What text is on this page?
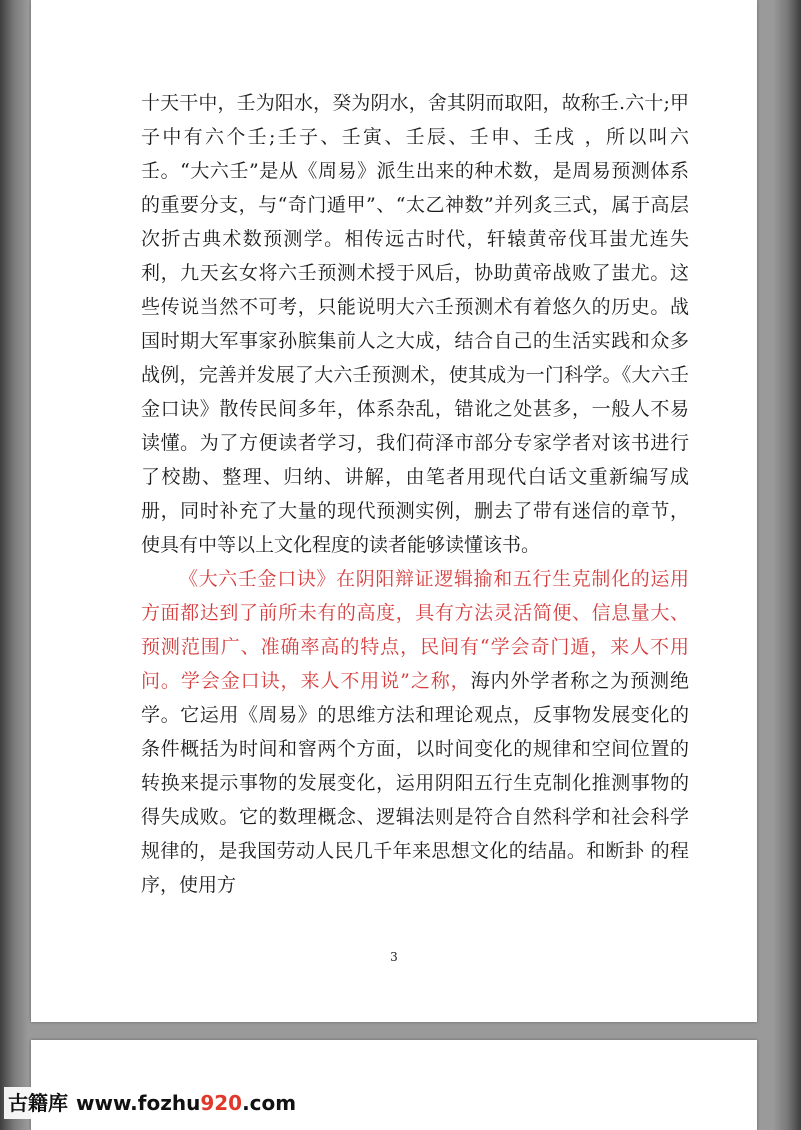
十天干中，壬为阳水，癸为阴水，舍其阴而取阳，故称壬.六十;甲子中有六个壬;壬子、壬寅、壬辰、壬申、壬戌 ，所以叫六壬。“大六壬”是从《周易》派生出来的种术数，是周易预测体系的重要分支，与“奇门遁甲”、“太乙神数”并列炙三式，属于高层次折古典术数预测学。相传远古时代，轩辕黄帝伐耳蚩尤连失利，九天玄女将六壬预测术授于风后，协助黄帝战败了蚩尤。这些传说当然不可考，只能说明大六壬预测术有着悠久的历史。战国时期大军事家孙膑集前人之大成，结合自己的生活实践和众多战例，完善并发展了大六壬预测术，使其成为一门科学。《大六壬金口诀》散传民间多年，体系杂乱，错讹之处甚多，一般人不易读懂。为了方便读者学习，我们荷泽市部分专家学者对该书进行了校勘、整理、归纳、讲解，由笔者用现代白话文重新编写成册，同时补充了大量的现代预测实例，删去了带有迷信的章节，使具有中等以上文化程度的读者能够读懂该书。

《大六壬金口诀》在阴阳辩证逻辑揄和五行生克制化的运用方面都达到了前所未有的高度，具有方法灵活简便、信息量大、预测范围广、准确率高的特点，民间有“学会奇门遁，来人不用问。学会金口诀，来人不用说”之称，海内外学者称之为预测绝学。它运用《周易》的思维方法和理论观点，反事物发展变化的条件概括为时间和窨两个方面，以时间变化的规律和空间位置的转换来提示事物的发展变化，运用阴阳五行生克制化推测事物的得失成败。它的数理概念、逻辑法则是符合自然科学和社会科学规律的，是我国劳动人民几千年来思想文化的结晶。和断卦 的程序，使用方

3
古籍库 www.fozhu920.com
